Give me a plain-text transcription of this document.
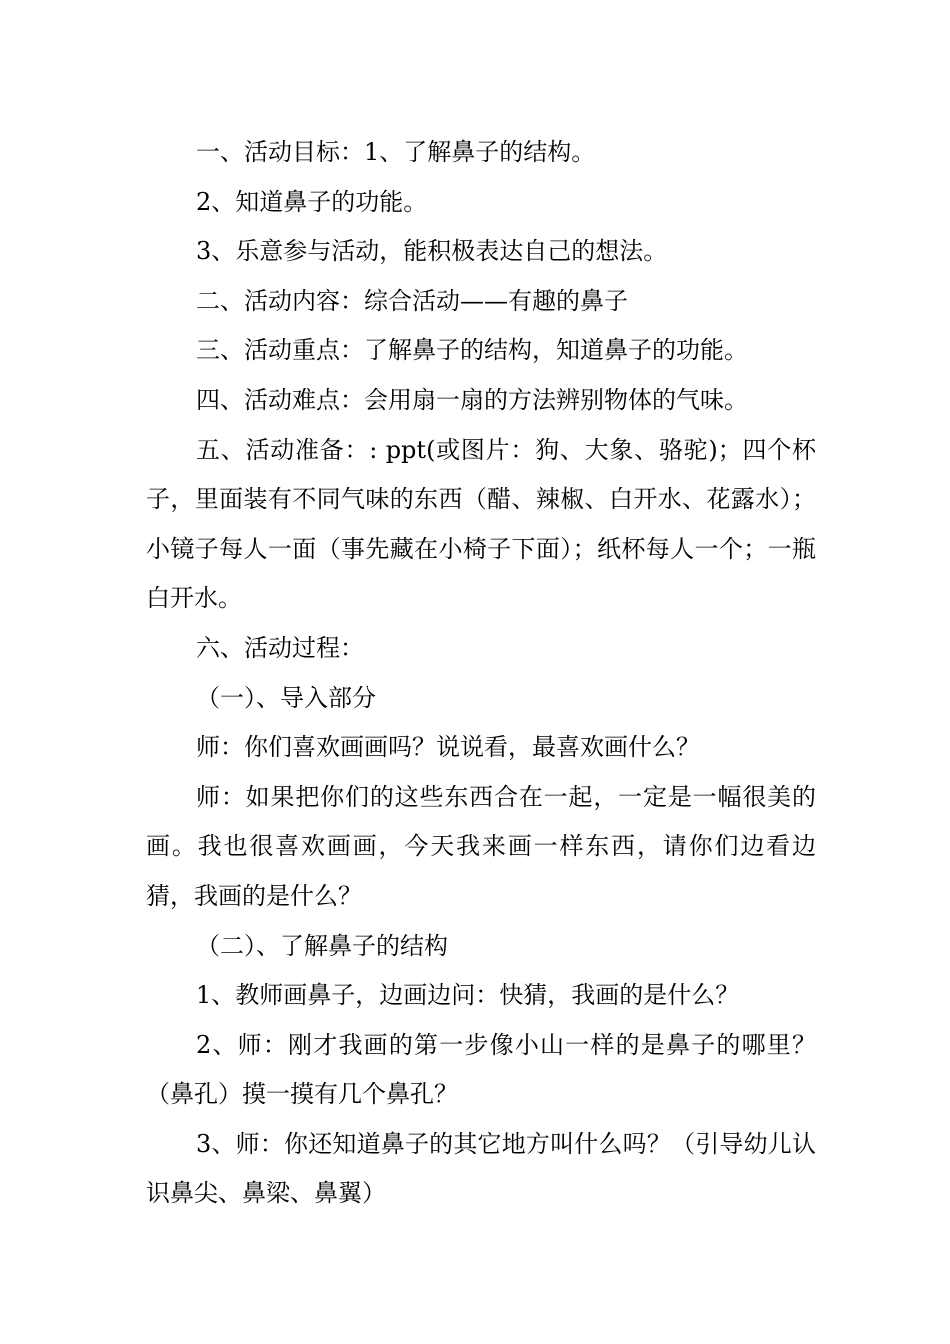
一、活动目标：1、了解鼻子的结构。

2、知道鼻子的功能。

3、乐意参与活动，能积极表达自己的想法。

二、活动内容：综合活动——有趣的鼻子

三、活动重点：了解鼻子的结构，知道鼻子的功能。

四、活动难点：会用扇一扇的方法辨别物体的气味。

五、活动准备：: ppt(或图片：狗、大象、骆驼)；四个杯子，里面装有不同气味的东西（醋、辣椒、白开水、花露水）；小镜子每人一面（事先藏在小椅子下面）；纸杯每人一个；一瓶白开水。

六、活动过程：

（一）、导入部分

师：你们喜欢画画吗？说说看，最喜欢画什么？

师：如果把你们的这些东西合在一起，一定是一幅很美的画。我也很喜欢画画，今天我来画一样东西，请你们边看边猜，我画的是什么？

（二）、了解鼻子的结构

1、教师画鼻子，边画边问：快猜，我画的是什么？

2、师：刚才我画的第一步像小山一样的是鼻子的哪里？（鼻孔）摸一摸有几个鼻孔？

3、师：你还知道鼻子的其它地方叫什么吗？（引导幼儿认识鼻尖、鼻梁、鼻翼）
